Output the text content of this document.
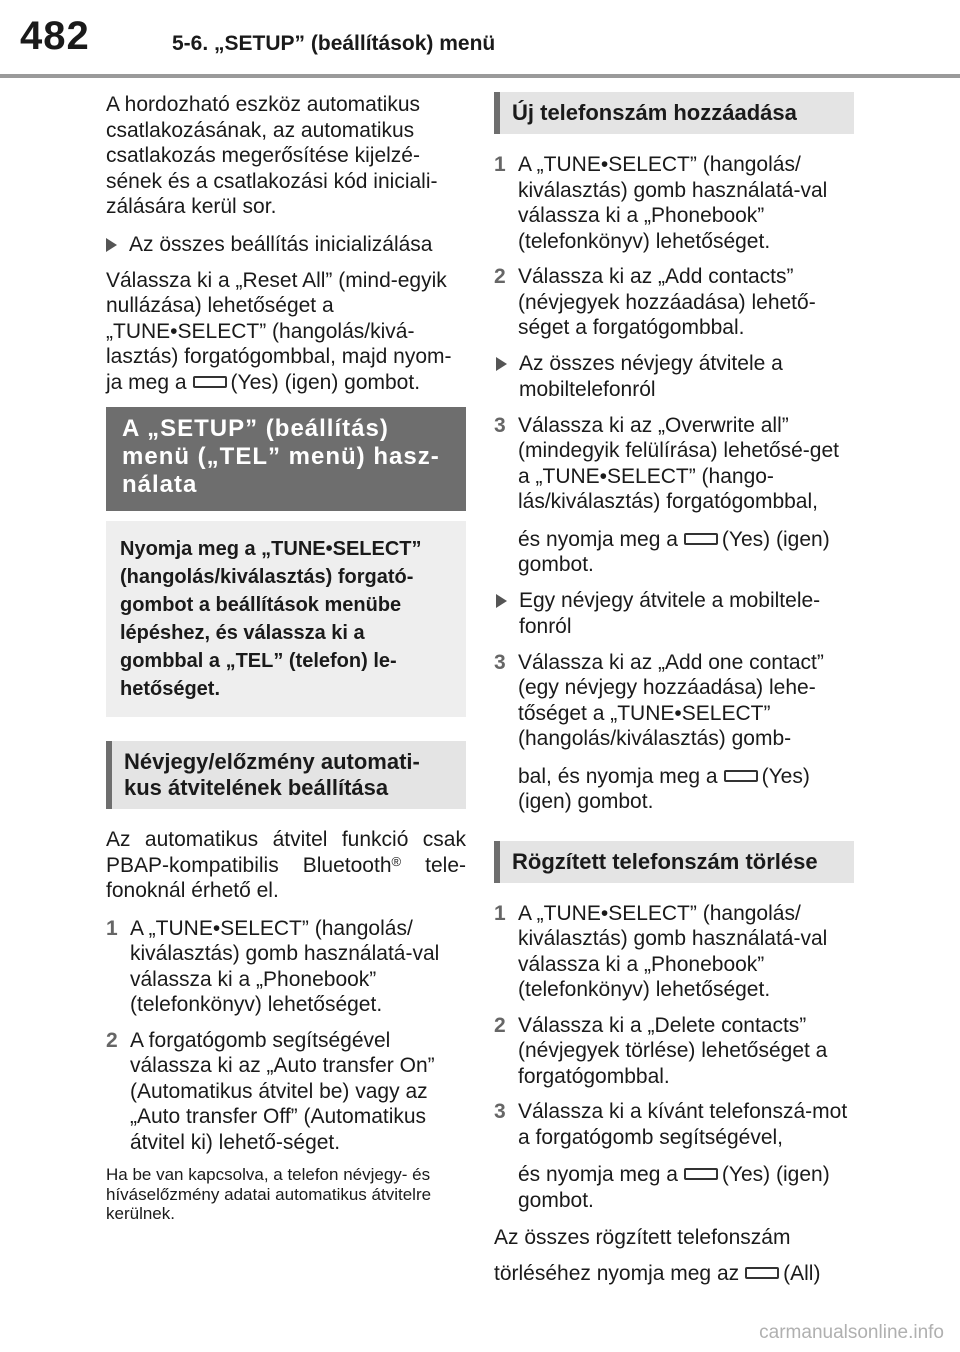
482	5-6. „SETUP” (beállítások) menü

A hordozható eszköz automatikus csatlakozásának, az automatikus csatlakozás megerősítése kijelzé-sének és a csatlakozási kód iniciali-zálására kerül sor.

Az összes beállítás inicializálása

Válassza ki a „Reset All” (mind-egyik nullázása) lehetőséget a „TUNE•SELECT” (hangolás/kivá-lasztás) forgatógombbal, majd nyom-ja meg a (Yes) (igen) gombot.

A „SETUP” (beállítás) menü („TEL” menü) hasz-nálata
Nyomja meg a „TUNE•SELECT” (hangolás/kiválasztás) forgató-gombot a beállítások menübe lépéshez, és válassza ki a gombbal a „TEL” (telefon) le-hetőséget.
Névjegy/előzmény automati-kus átvitelének beállítása

Az automatikus átvitel funkció csak PBAP-kompatibilis Bluetooth® tele-fonoknál érhető el.

1 A „TUNE•SELECT” (hangolás/ kiválasztás) gomb használatá-val válassza ki a „Phonebook” (telefonkönyv) lehetőséget.
2 A forgatógomb segítségével válassza ki az „Auto transfer On” (Automatikus átvitel be) vagy az „Auto transfer Off” (Automatikus átvitel ki) lehető-séget.

Ha be van kapcsolva, a telefon névjegy- és híváselőzmény adatai automatikus átvitelre kerülnek.

Új telefonszám hozzáadása
1 A „TUNE•SELECT” (hangolás/ kiválasztás) gomb használatá-val válassza ki a „Phonebook” (telefonkönyv) lehetőséget.
2 Válassza ki az „Add contacts” (névjegyek hozzáadása) lehető-séget a forgatógombbal.
Az összes névjegy átvitele a mobiltelefonról
3 Válassza ki az „Overwrite all” (mindegyik felülírása) lehetősé-get a „TUNE•SELECT” (hango-lás/kiválasztás) forgatógombbal,
és nyomja meg a (Yes) (igen) gombot.
Egy névjegy átvitele a mobiltele-fonról
3 Válassza ki az „Add one contact” (egy névjegy hozzáadása) lehe-tőséget a „TUNE•SELECT” (hangolás/kiválasztás) gomb-
bal, és nyomja meg a (Yes) (igen) gombot.
Rögzített telefonszám törlése
1 A „TUNE•SELECT” (hangolás/ kiválasztás) gomb használatá-val válassza ki a „Phonebook” (telefonkönyv) lehetőséget.
2 Válassza ki a „Delete contacts” (névjegyek törlése) lehetőséget a forgatógombbal.
3 Válassza ki a kívánt telefonszá-mot a forgatógomb segítségével,
és nyomja meg a (Yes) (igen) gombot.

Az összes rögzített telefonszám

törléséhez nyomja meg az (All)

carmanualsonline.info
